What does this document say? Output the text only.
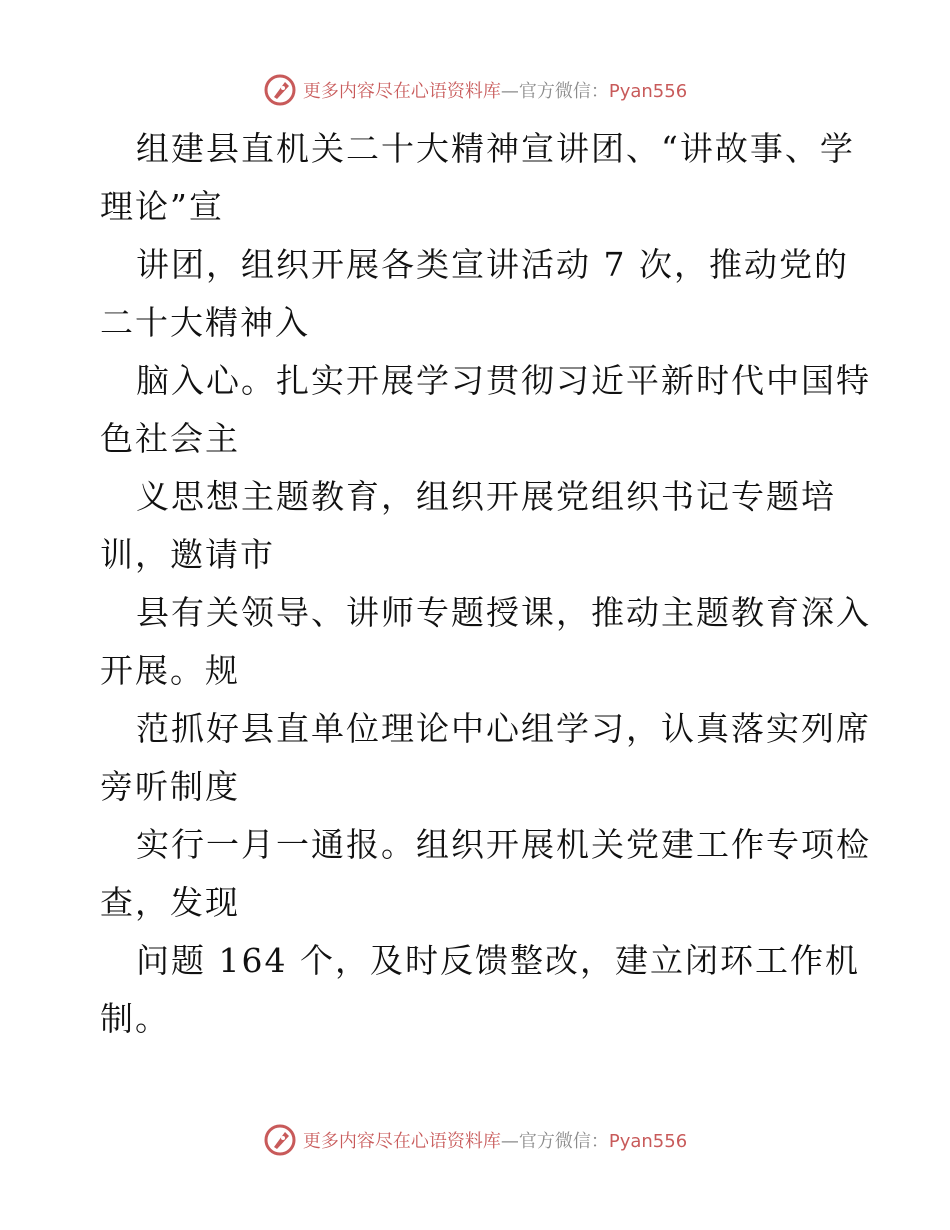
更多内容尽在心语资料库—官方微信：Pyan556
组建县直机关二十大精神宣讲团、“讲故事、学
理论”宣
讲团，组织开展各类宣讲活动 7 次，推动党的
二十大精神入
脑入心。扎实开展学习贯彻习近平新时代中国特
色社会主
义思想主题教育，组织开展党组织书记专题培
训，邀请市
县有关领导、讲师专题授课，推动主题教育深入
开展。规
范抓好县直单位理论中心组学习，认真落实列席
旁听制度
实行一月一通报。组织开展机关党建工作专项检
查，发现
问题 164 个，及时反馈整改，建立闭环工作机
制。
更多内容尽在心语资料库—官方微信：Pyan556
